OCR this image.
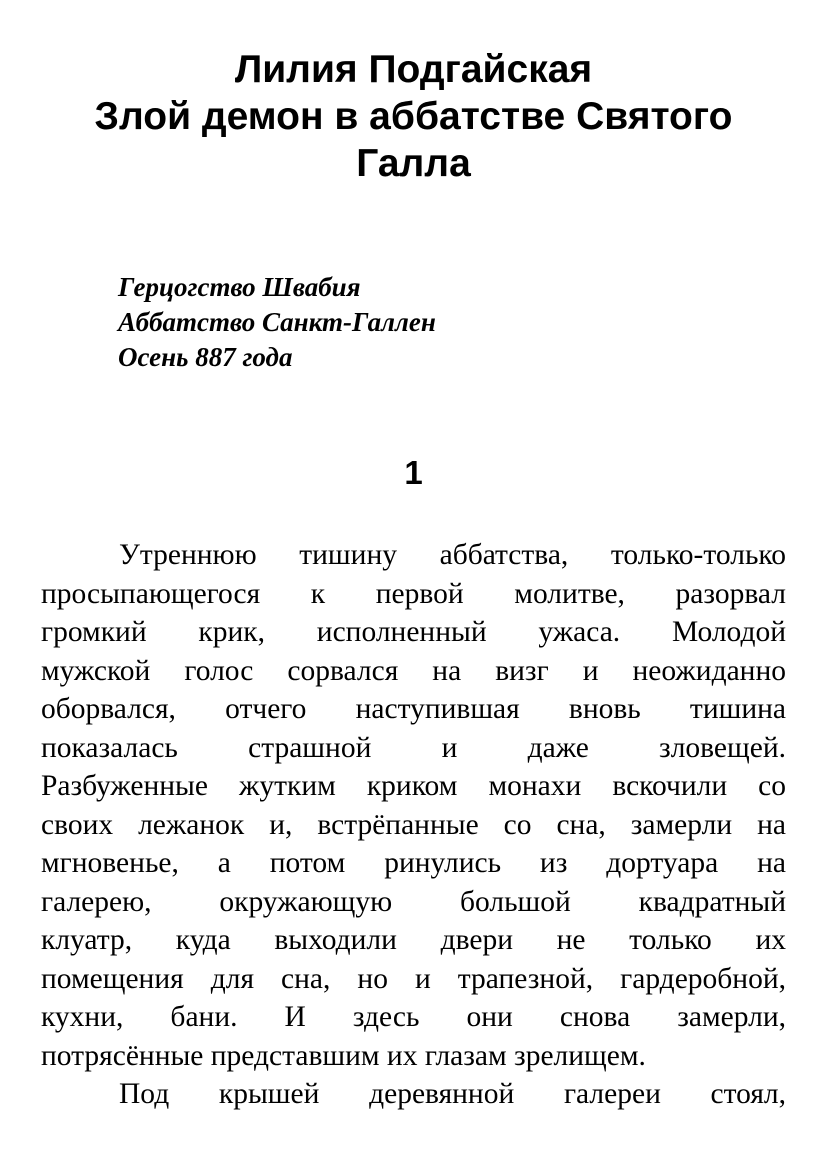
Лилия Подгайская
Злой демон в аббатстве Святого
Галла
Герцогство Швабия
Аббатство Санкт-Галлен
Осень 887 года
1
Утреннюю тишину аббатства, только-только
просыпающегося к первой молитве, разорвал
громкий крик, исполненный ужаса. Молодой
мужской голос сорвался на визг и неожиданно
оборвался, отчего наступившая вновь тишина
показалась страшной и даже зловещей.
Разбуженные жутким криком монахи вскочили со
своих лежанок и, встрёпанные со сна, замерли на
мгновенье, а потом ринулись из дортуара на
галерею, окружающую большой квадратный
клуатр, куда выходили двери не только их
помещения для сна, но и трапезной, гардеробной,
кухни, бани. И здесь они снова замерли,
потрясённые представшим их глазам зрелищем.
Под крышей деревянной галереи стоял,
